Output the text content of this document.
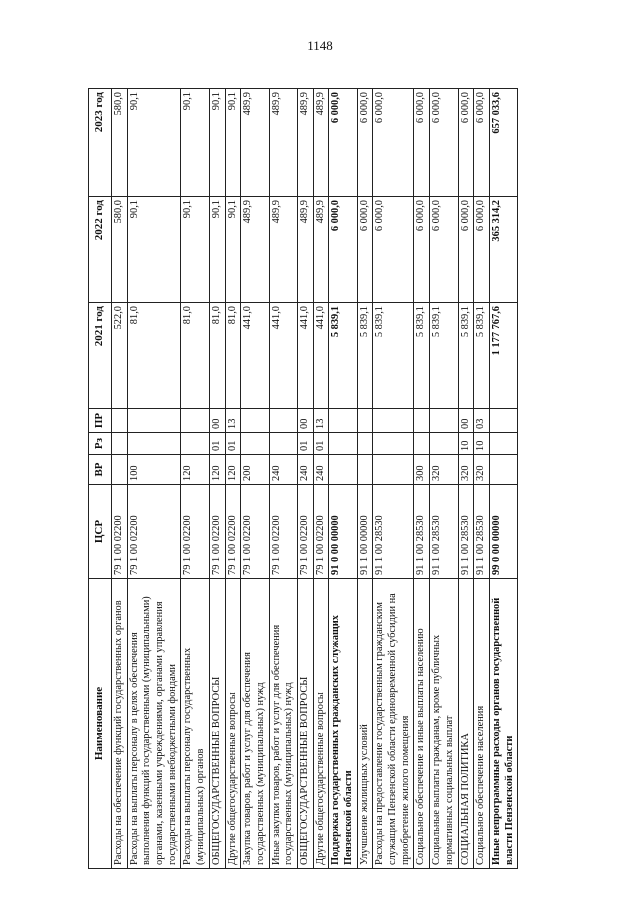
1148
Наименование	ЦСР	ВР	Рз	ПР	2021 год	2022 год	2023 год
Расходы на обеспечение функций государственных органов	79 1 00 02200				522,0	580,0	580,0
Расходы на выплаты персоналу в целях обеспечения выполнения функций государственными (муниципальными) органами, казенными учреждениями, органами управления государственными внебюджетными фондами	79 1 00 02200	100			81,0	90,1	90,1
Расходы на выплаты персоналу государственных (муниципальных) органов	79 1 00 02200	120			81,0	90,1	90,1
ОБЩЕГОСУДАРСТВЕННЫЕ ВОПРОСЫ	79 1 00 02200	120	01	00	81,0	90,1	90,1
Другие общегосударственные вопросы	79 1 00 02200	120	01	13	81,0	90,1	90,1
Закупка товаров, работ и услуг для обеспечения государственных (муниципальных) нужд	79 1 00 02200	200			441,0	489,9	489,9
Иные закупки товаров, работ и услуг для обеспечения государственных (муниципальных) нужд	79 1 00 02200	240			441,0	489,9	489,9
ОБЩЕГОСУДАРСТВЕННЫЕ ВОПРОСЫ	79 1 00 02200	240	01	00	441,0	489,9	489,9
Другие общегосударственные вопросы	79 1 00 02200	240	01	13	441,0	489,9	489,9
Поддержка государственных гражданских служащих Пензенской области	91 0 00 00000				5 839,1	6 000,0	6 000,0
Улучшение жилищных условий	91 1 00 00000				5 839,1	6 000,0	6 000,0
Расходы на предоставление государственным гражданским служащим Пензенской области единовременной субсидии на приобретение жилого помещения	91 1 00 28530				5 839,1	6 000,0	6 000,0
Социальное обеспечение и иные выплаты населению	91 1 00 28530	300			5 839,1	6 000,0	6 000,0
Социальные выплаты гражданам, кроме публичных нормативных социальных выплат	91 1 00 28530	320			5 839,1	6 000,0	6 000,0
СОЦИАЛЬНАЯ ПОЛИТИКА	91 1 00 28530	320	10	00	5 839,1	6 000,0	6 000,0
Социальное обеспечение населения	91 1 00 28530	320	10	03	5 839,1	6 000,0	6 000,0
Иные непрограммные расходы органов государственной власти Пензенской области	99 0 00 00000				1 177 767,6	365 314,2	657 033,6
